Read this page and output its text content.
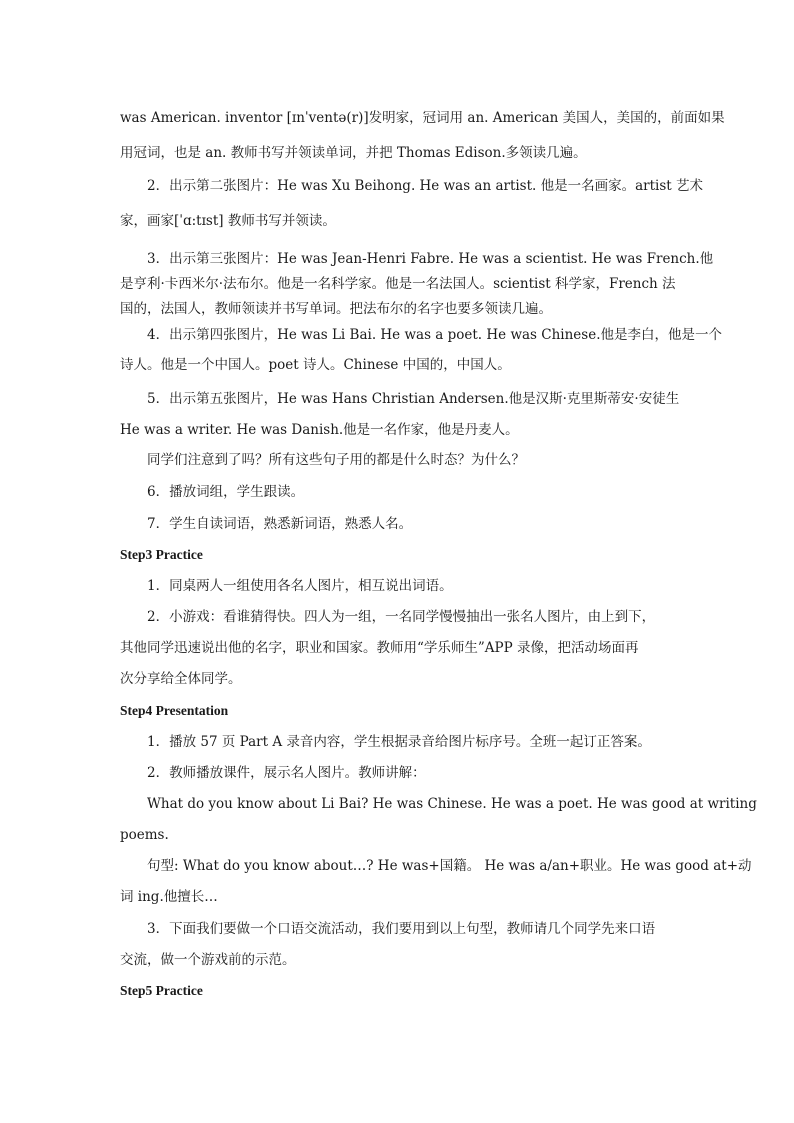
was American. inventor [ɪnˈventə(r)]发明家，冠词用 an. American 美国人，美国的，前面如果

用冠词，也是 an. 教师书写并领读单词，并把 Thomas Edison.多领读几遍。

2．出示第二张图片：He was Xu Beihong. He was an artist. 他是一名画家。artist 艺术

家，画家[ˈɑ:tɪst] 教师书写并领读。

3．出示第三张图片：He was Jean-Henri Fabre. He was a scientist. He was French.他

是亨利·卡西米尔·法布尔。他是一名科学家。他是一名法国人。scientist 科学家，French 法

国的，法国人，教师领读并书写单词。把法布尔的名字也要多领读几遍。

4．出示第四张图片，He was Li Bai. He was a poet. He was Chinese.他是李白，他是一个

诗人。他是一个中国人。poet 诗人。Chinese 中国的，中国人。

5．出示第五张图片，He was Hans Christian Andersen.他是汉斯·克里斯蒂安·安徒生

He was a writer. He was Danish.他是一名作家，他是丹麦人。

同学们注意到了吗？所有这些句子用的都是什么时态？为什么？

6．播放词组，学生跟读。

7．学生自读词语，熟悉新词语，熟悉人名。

Step3 Practice

1．同桌两人一组使用各名人图片，相互说出词语。

2．小游戏：看谁猜得快。四人为一组，一名同学慢慢抽出一张名人图片，由上到下，

其他同学迅速说出他的名字，职业和国家。教师用“学乐师生”APP 录像，把活动场面再

次分享给全体同学。

Step4 Presentation

1．播放 57 页 Part A 录音内容，学生根据录音给图片标序号。全班一起订正答案。

2．教师播放课件，展示名人图片。教师讲解：

What do you know about Li Bai? He was Chinese. He was a poet. He was good at writing

poems.

句型: What do you know about…? He was+国籍。 He was a/an+职业。He was good at+动

词 ing.他擅长…

3．下面我们要做一个口语交流活动，我们要用到以上句型，教师请几个同学先来口语

交流，做一个游戏前的示范。

Step5 Practice
